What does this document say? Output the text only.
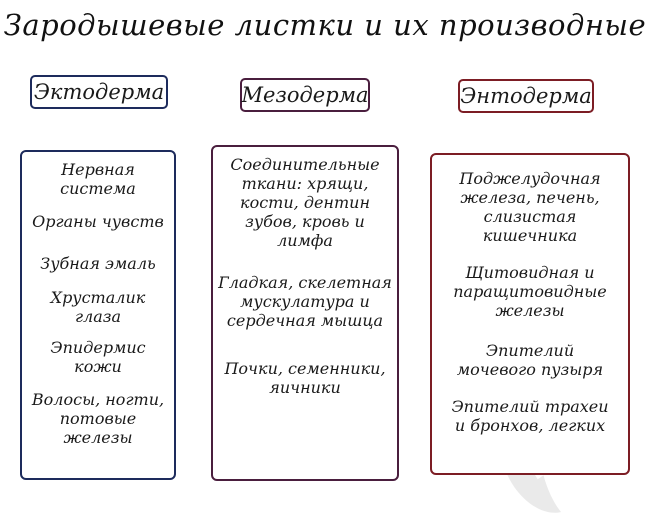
Зародышевые листки и их производные
Эктодерма	Мезодерма	Энтодерма
Нервная
система
Органы чувств
Зубная эмаль
Хрусталик
глаза
Эпидермис
кожи
Волосы, ногти,
потовые
железы
Соединительные
ткани: хрящи,
кости, дентин
зубов, кровь и
лимфа
Гладкая, скелетная
мускулатура и
сердечная мышца
Почки, семенники,
яичники
Поджелудочная
железа, печень,
слизистая
кишечника
Щитовидная и
паращитовидные
железы
Эпителий
мочевого пузыря
Эпителий трахеи
и бронхов, легких
